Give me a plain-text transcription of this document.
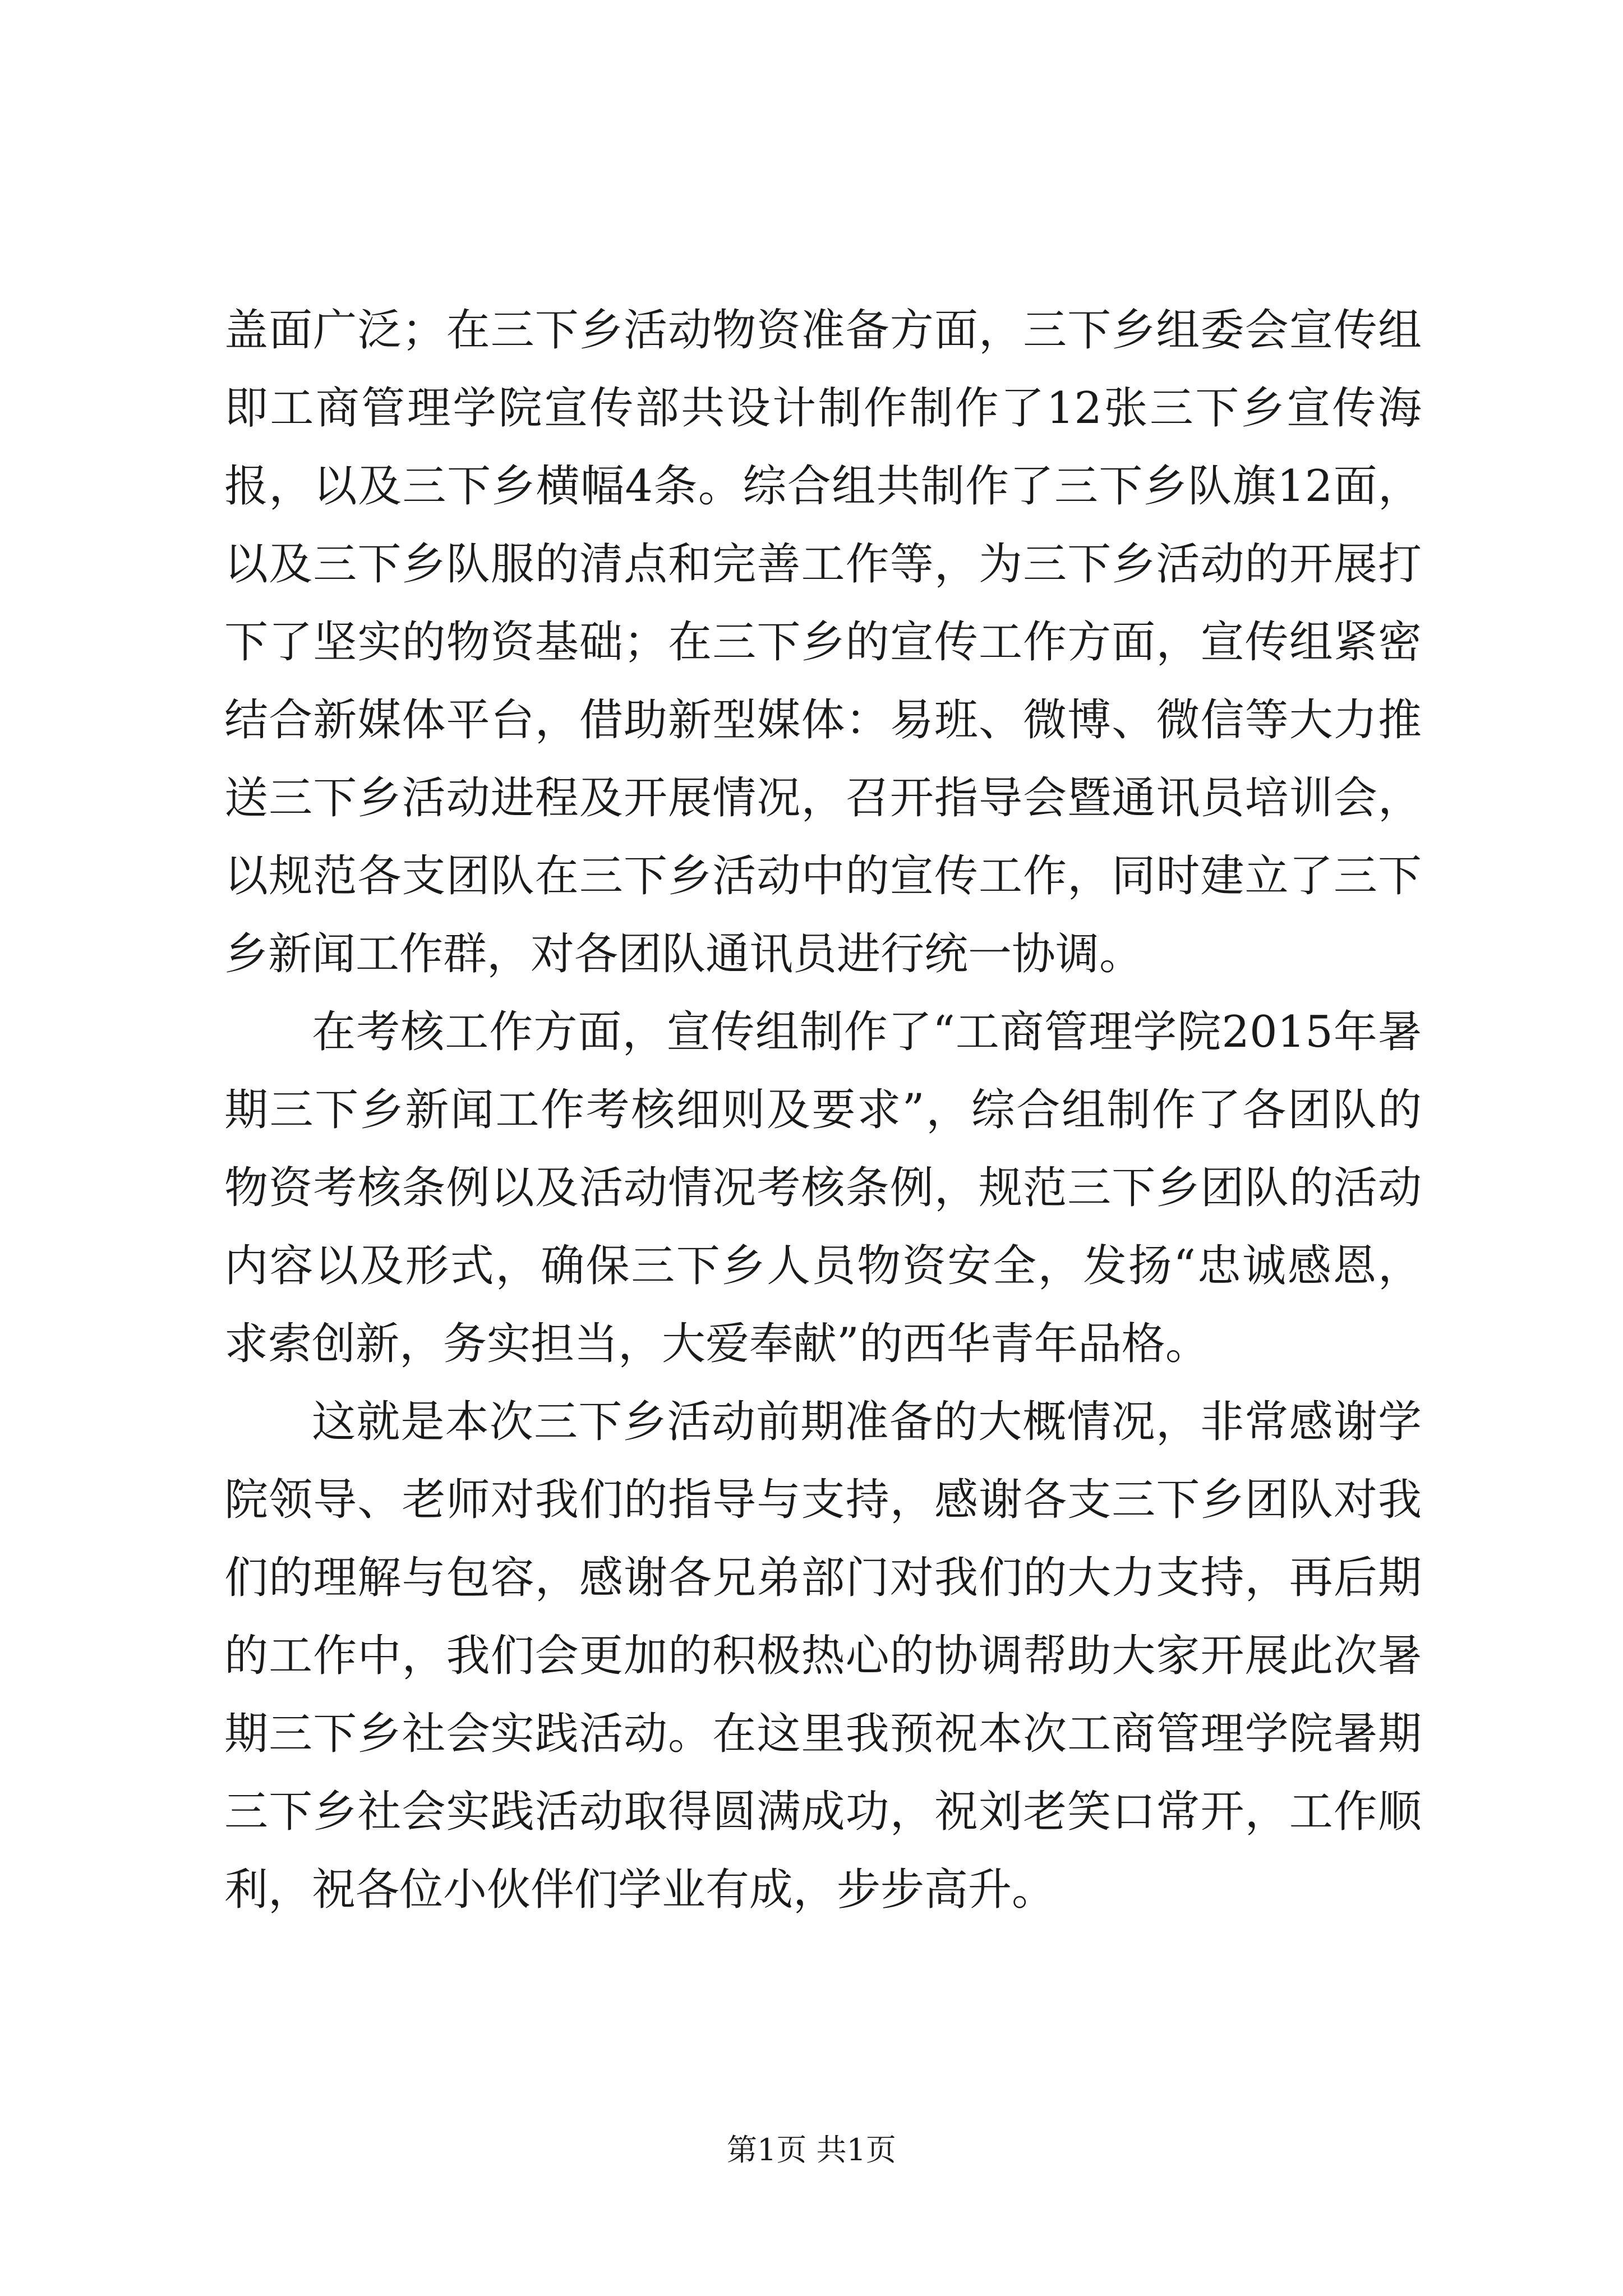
盖面广泛；在三下乡活动物资准备方面，三下乡组委会宣传组即工商管理学院宣传部共设计制作制作了12张三下乡宣传海报，以及三下乡横幅4条。综合组共制作了三下乡队旗12面，以及三下乡队服的清点和完善工作等，为三下乡活动的开展打下了坚实的物资基础；在三下乡的宣传工作方面，宣传组紧密结合新媒体平台，借助新型媒体：易班、微博、微信等大力推送三下乡活动进程及开展情况，召开指导会暨通讯员培训会，以规范各支团队在三下乡活动中的宣传工作，同时建立了三下乡新闻工作群，对各团队通讯员进行统一协调。

在考核工作方面，宣传组制作了“工商管理学院2015年暑期三下乡新闻工作考核细则及要求”，综合组制作了各团队的物资考核条例以及活动情况考核条例，规范三下乡团队的活动内容以及形式，确保三下乡人员物资安全，发扬“忠诚感恩，求索创新，务实担当，大爱奉献”的西华青年品格。

这就是本次三下乡活动前期准备的大概情况，非常感谢学院领导、老师对我们的指导与支持，感谢各支三下乡团队对我们的理解与包容，感谢各兄弟部门对我们的大力支持，再后期的工作中，我们会更加的积极热心的协调帮助大家开展此次暑期三下乡社会实践活动。在这里我预祝本次工商管理学院暑期三下乡社会实践活动取得圆满成功，祝刘老笑口常开，工作顺利，祝各位小伙伴们学业有成，步步高升。

第1页 共1页
